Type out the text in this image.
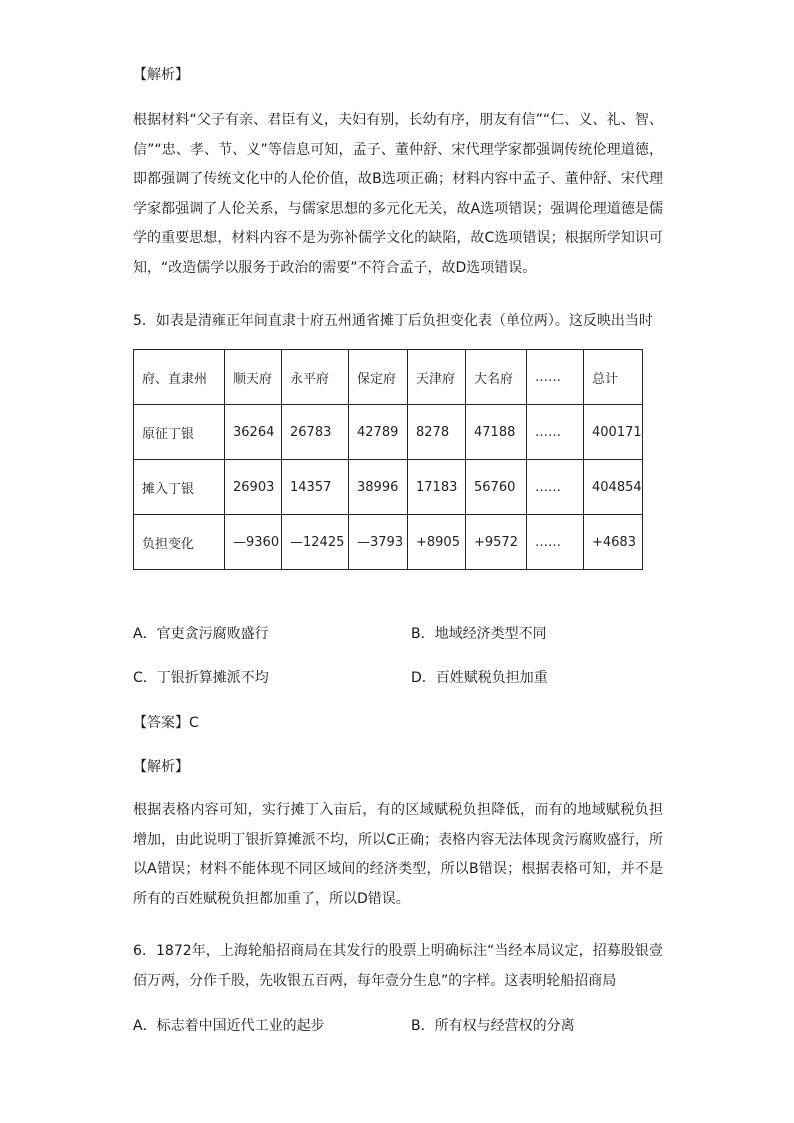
【解析】
根据材料“父子有亲、君臣有义，夫妇有别，长幼有序，朋友有信”“仁、义、礼、智、信”“忠、孝、节、义”等信息可知，孟子、董仲舒、宋代理学家都强调传统伦理道德，即都强调了传统文化中的人伦价值，故B选项正确；材料内容中孟子、董仲舒、宋代理学家都强调了人伦关系，与儒家思想的多元化无关，故A选项错误；强调伦理道德是儒学的重要思想，材料内容不是为弥补儒学文化的缺陷，故C选项错误；根据所学知识可知，“改造儒学以服务于政治的需要”不符合孟子，故D选项错误。
5．如表是清雍正年间直隶十府五州通省摊丁后负担变化表（单位两）。这反映出当时
府、直隶州	顺天府	永平府	保定府	天津府	大名府	……	总计
原征丁银	36264	26783	42789	8278	47188	……	400171
摊入丁银	26903	14357	38996	17183	56760	……	404854
负担变化	—9360	—12425	—3793	+8905	+9572	……	+4683
A．官吏贪污腐败盛行	B．地域经济类型不同
C．丁银折算摊派不均	D．百姓赋税负担加重
【答案】C
【解析】
根据表格内容可知，实行摊丁入亩后，有的区域赋税负担降低，而有的地域赋税负担增加，由此说明丁银折算摊派不均，所以C正确；表格内容无法体现贪污腐败盛行，所以A错误；材料不能体现不同区域间的经济类型，所以B错误；根据表格可知，并不是所有的百姓赋税负担都加重了，所以D错误。
6．1872年，上海轮船招商局在其发行的股票上明确标注“当经本局议定，招募股银壹佰万两，分作千股，先收银五百两，每年壹分生息”的字样。这表明轮船招商局
A．标志着中国近代工业的起步	B．所有权与经营权的分离
